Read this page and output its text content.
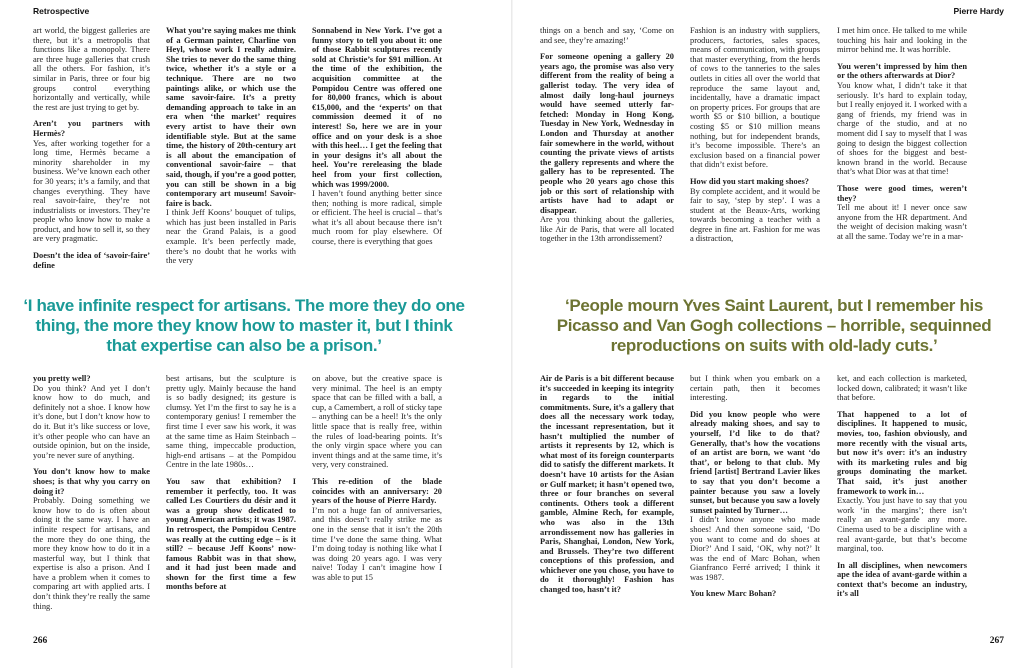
Retrospective

art world, the biggest galleries are there, but it’s a metropolis that functions like a monopoly. There are three huge galleries that crush all the others. For fashion, it’s similar in Paris, three or four big groups control everything horizontally and vertically, while the rest are just trying to get by.

Aren’t you partners with Hermès?

Yes, after working together for a long time, Hermès became a minority shareholder in my business. We’ve known each other for 30 years; it’s a family, and that changes everything. They have real savoir-faire, they’re not industrialists or investors. They’re people who know how to make a product, and how to sell it, so they are very pragmatic.

Doesn’t the idea of ‘savoir-faire’ define

What you’re saying makes me think of a German painter, Charline von Heyl, whose work I really admire. She tries to never do the same thing twice, whether it’s a style or a technique. There are no two paintings alike, or which use the same savoir-faire. It’s a pretty demanding approach to take in an era when ‘the market’ requires every artist to have their own identifiable style. But at the same time, the history of 20th-century art is all about the emancipation of conventional savoir-faire – that said, though, if you’re a good potter, you can still be shown in a big contemporary art museum! Savoir-faire is back.

I think Jeff Koons’ bouquet of tulips, which has just been installed in Paris near the Grand Palais, is a good example. It’s been perfectly made, there’s no doubt that he works with the very

Sonnabend in New York. I’ve got a funny story to tell you about it: one of those Rabbit sculptures recently sold at Christie’s for $91 million. At the time of the exhibition, the acquisition committee at the Pompidou Centre was offered one for 80,000 francs, which is about €15,000, and the ‘experts’ on that commission deemed it of no interest! So, here we are in your office and on your desk is a shoe with this heel… I get the feeling that in your designs it’s all about the heel. You’re rereleasing the blade heel from your first collection, which was 1999/2000.

I haven’t found anything better since then; nothing is more radical, simple or efficient. The heel is crucial – that’s what it’s all about because there isn’t much room for play elsewhere. Of course, there is everything that goes

‘I have infinite respect for artisans. The more they do one thing, the more they know how to master it, but I think that expertise can also be a prison.’

you pretty well?

Do you think? And yet I don’t know how to do much, and definitely not a shoe. I know how it’s done, but I don’t know how to do it. But it’s like success or love, it’s other people who can have an outside opinion, but on the inside, you’re never sure of anything.

You don’t know how to make shoes; is that why you carry on doing it?

Probably. Doing something we know how to do is often about doing it the same way. I have an infinite respect for artisans, and the more they do one thing, the more they know how to do it in a masterful way, but I think that expertise is also a prison. And I have a problem when it comes to comparing art with applied arts. I don’t think they’re really the same thing.

best artisans, but the sculpture is pretty ugly. Mainly because the hand is so badly designed; its gesture is clumsy. Yet I’m the first to say he is a contemporary genius! I remember the first time I ever saw his work, it was at the same time as Haim Steinbach – same thing, impeccable production, high-end artisans – at the Pompidou Centre in the late 1980s…

You saw that exhibition? I remember it perfectly, too. It was called Les Courtiers du désir and it was a group show dedicated to young American artists; it was 1987. In retrospect, the Pompidou Centre was really at the cutting edge – is it still? – because Jeff Koons’ now-famous Rabbit was in that show, and it had just been made and shown for the first time a few months before at

on above, but the creative space is very minimal. The heel is an empty space that can be filled with a ball, a cup, a Camembert, a roll of sticky tape – anything can be a heel! It’s the only little space that is really free, within the rules of load-bearing points. It’s the only virgin space where you can invent things and at the same time, it’s very, very constrained.

This re-edition of the blade coincides with an anniversary: 20 years of the house of Pierre Hardy.

I’m not a huge fan of anniversaries, and this doesn’t really strike me as one in the sense that it isn’t the 20th time I’ve done the same thing. What I’m doing today is nothing like what I was doing 20 years ago. I was very naive! Today I can’t imagine how I was able to put 15

266
Pierre Hardy

things on a bench and say, ‘Come on and see, they’re amazing!’

For someone opening a gallery 20 years ago, the promise was also very different from the reality of being a gallerist today. The very idea of almost daily long-haul journeys would have seemed utterly far-fetched: Monday in Hong Kong, Tuesday in New York, Wednesday in London and Thursday at another fair somewhere in the world, without counting the private views of artists the gallery represents and where the gallery has to be represented. The people who 20 years ago chose this job or this sort of relationship with artists have had to adapt or disappear.

Are you thinking about the galleries, like Air de Paris, that were all located together in the 13th arrondissement?

Fashion is an industry with suppliers, producers, factories, sales spaces, means of communication, with groups that master everything, from the herds of cows to the tanneries to the sales outlets in cities all over the world that reproduce the same layout and, incidentally, have a dramatic impact on property prices. For groups that are worth $5 or $10 billion, a boutique costing $5 or $10 million means nothing, but for independent brands, it’s become impossible. There’s an exclusion based on a financial power that didn’t exist before.

How did you start making shoes?

By complete accident, and it would be fair to say, ‘step by step’. I was a student at the Beaux-Arts, working towards becoming a teacher with a degree in fine art. Fashion for me was a distraction,

I met him once. He talked to me while touching his hair and looking in the mirror behind me. It was horrible.

You weren’t impressed by him then or the others afterwards at Dior?

You know what, I didn’t take it that seriously. It’s hard to explain today, but I really enjoyed it. I worked with a gang of friends, my friend was in charge of the studio, and at no moment did I say to myself that I was going to design the biggest collection of shoes for the biggest and best-known brand in the world. Because that’s what Dior was at that time!

Those were good times, weren’t they?

Tell me about it! I never once saw anyone from the HR department. And the weight of decision making wasn’t at all the same. Today we’re in a mar-

‘People mourn Yves Saint Laurent, but I remember his Picasso and Van Gogh collections – horrible, sequinned reproductions on suits with old-lady cuts.’

Air de Paris is a bit different because it’s succeeded in keeping its integrity in regards to the initial commitments. Sure, it’s a gallery that does all the necessary work today, the incessant representation, but it hasn’t multiplied the number of artists it represents by 12, which is what most of its foreign counterparts did to satisfy the different markets. It doesn’t have 10 artists for the Asian or Gulf market; it hasn’t opened two, three or four branches on several continents. Others took a different gamble, Almine Rech, for example, who was also in the 13th arrondissement now has galleries in Paris, Shanghai, London, New York, and Brussels. They’re two different conceptions of this profession, and whichever one you chose, you have to do it thoroughly! Fashion has changed too, hasn’t it?

but I think when you embark on a certain path, then it becomes interesting.

Did you know people who were already making shoes, and say to yourself, I’d like to do that? Generally, that’s how the vocations of an artist are born, we want ‘do that’, or belong to that club. My friend [artist] Bertrand Lavier likes to say that you don’t become a painter because you saw a lovely sunset, but because you saw a lovely sunset painted by Turner…

I didn’t know anyone who made shoes! And then someone said, ‘Do you want to come and do shoes at Dior?’ And I said, ‘OK, why not?’ It was the end of Marc Bohan, when Gianfranco Ferré arrived; I think it was 1987.

You knew Marc Bohan?

ket, and each collection is marketed, locked down, calibrated; it wasn’t like that before.

That happened to a lot of disciplines. It happened to music, movies, too, fashion obviously, and more recently with the visual arts, but now it’s over: it’s an industry with its marketing rules and big groups dominating the market. That said, it’s just another framework to work in…

Exactly. You just have to say that you work ‘in the margins’; there isn’t really an avant-garde any more. Cinema used to be a discipline with a real avant-garde, but that’s become marginal, too.

In all disciplines, when newcomers ape the idea of avant-garde within a context that’s become an industry, it’s all

267
